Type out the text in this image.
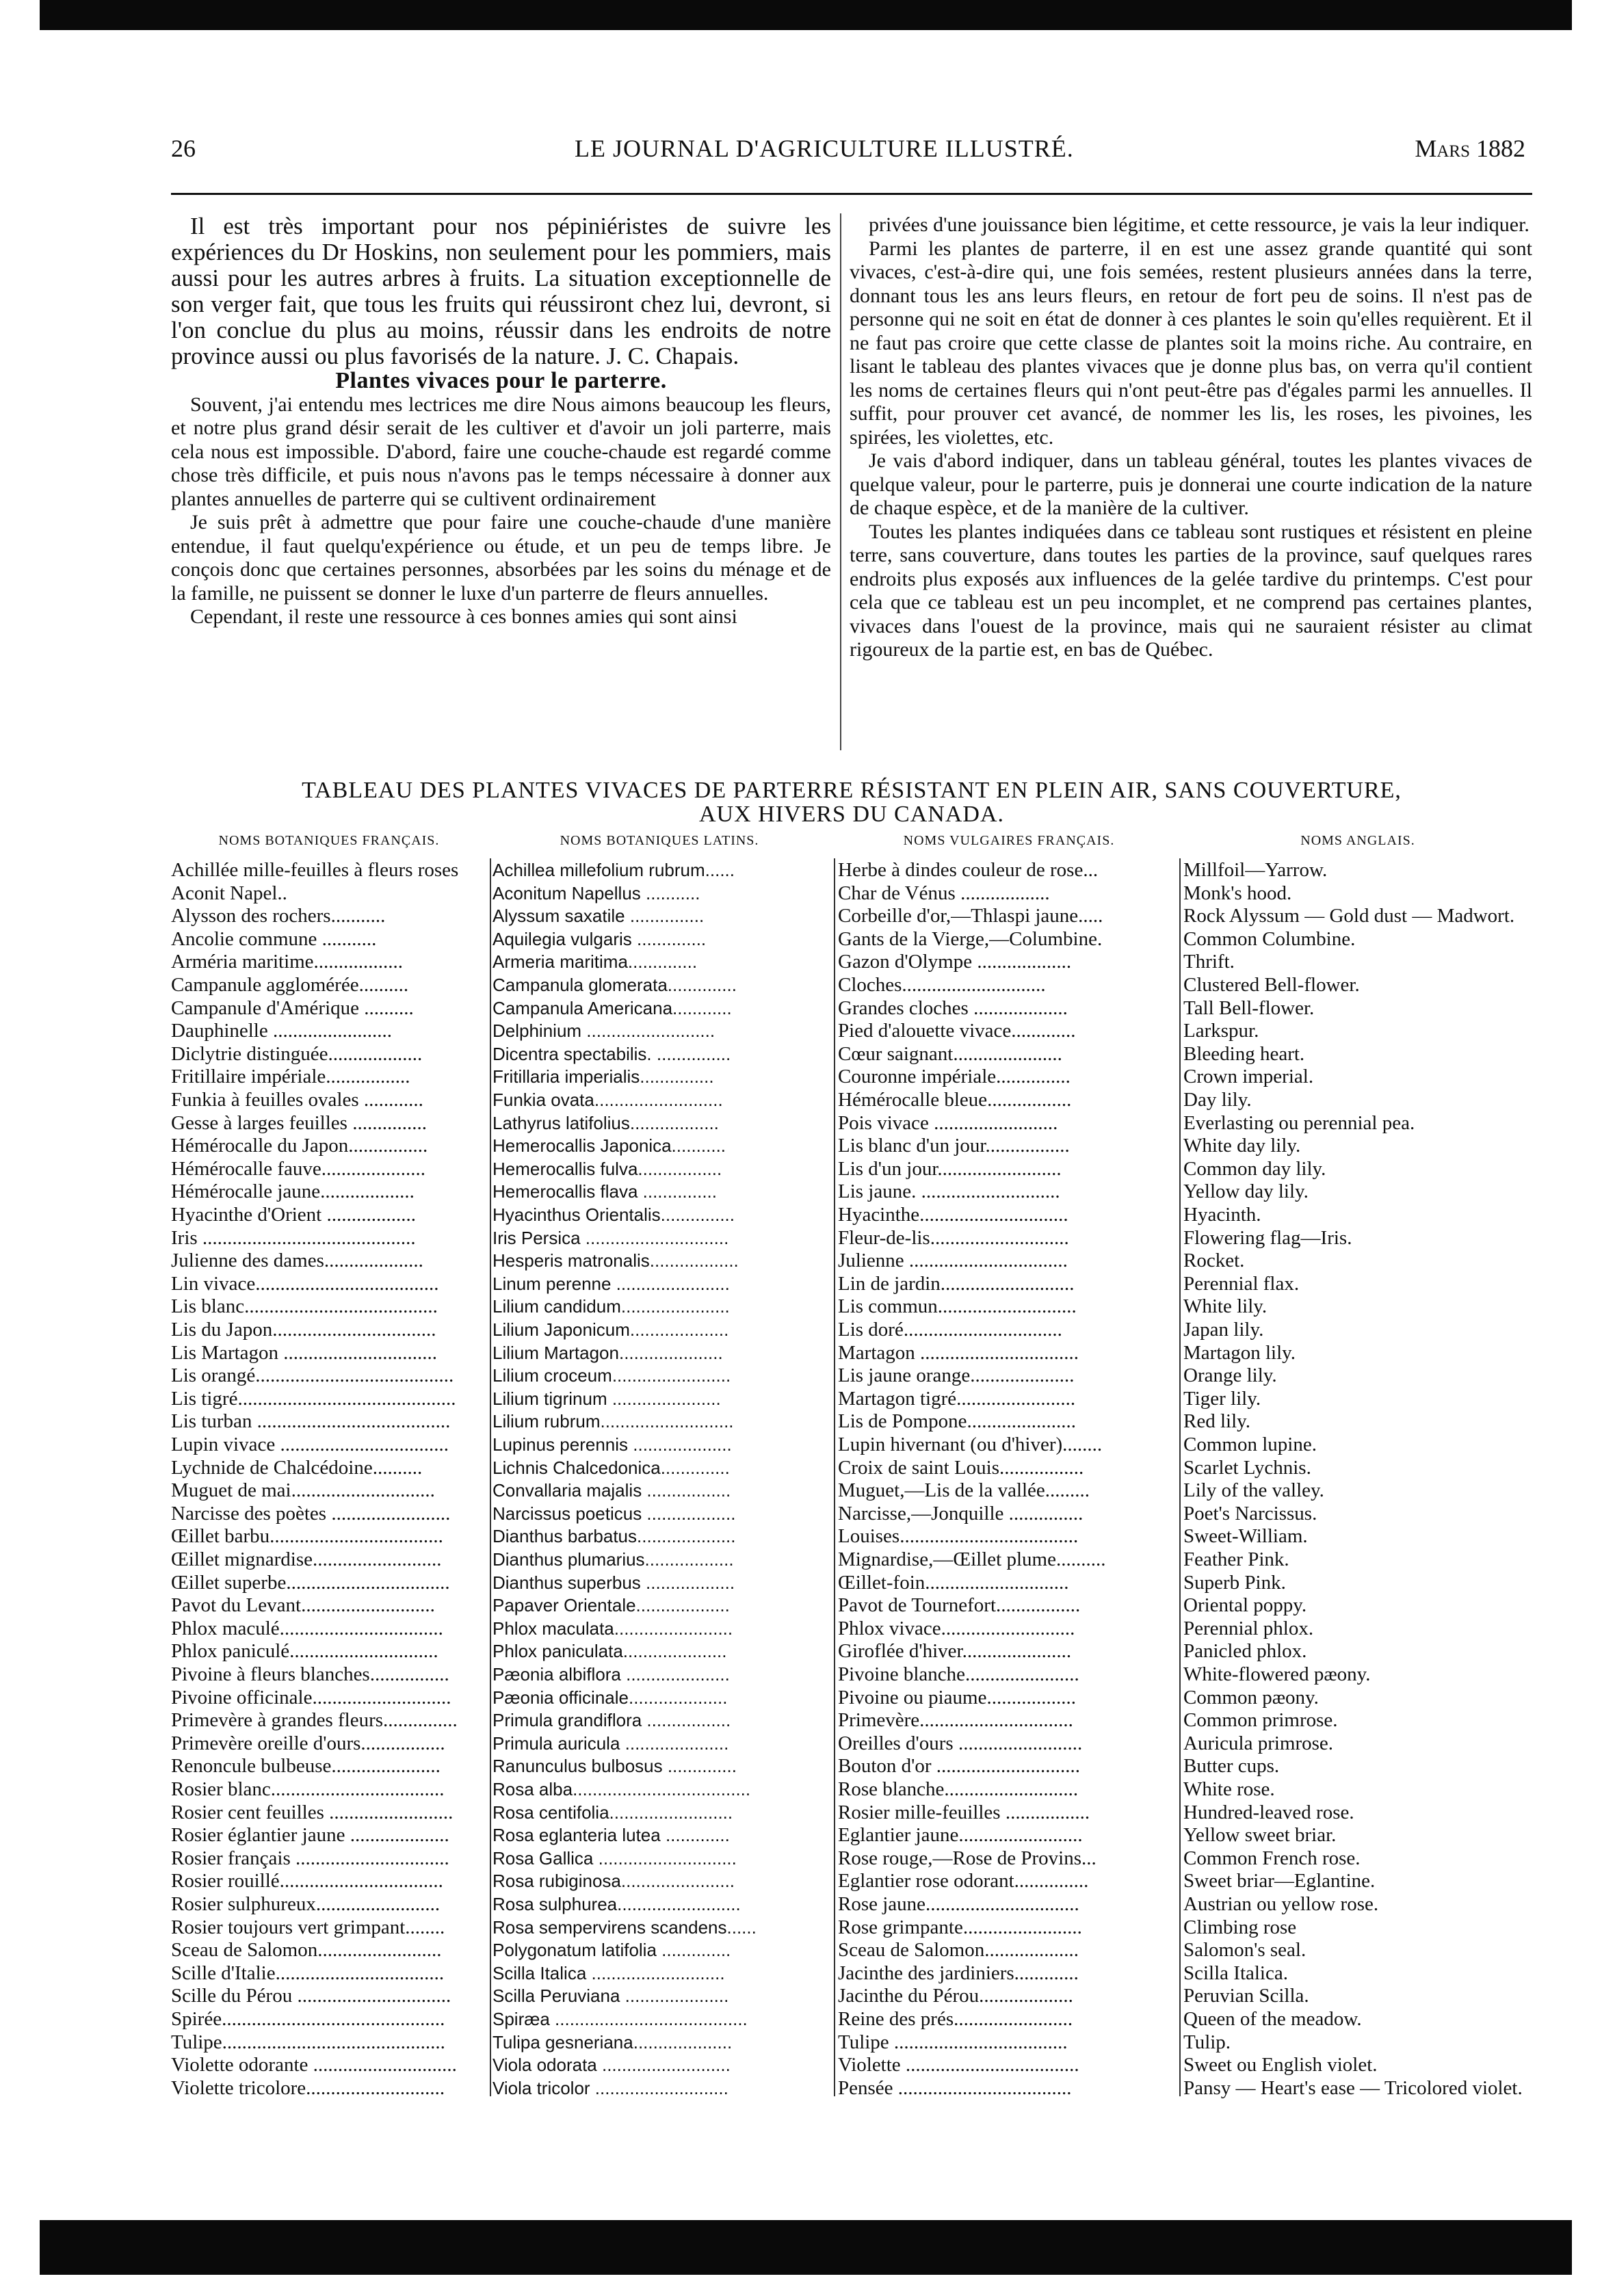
26	LE JOURNAL D'AGRICULTURE ILLUSTRÉ.	Mars 1882

Il est très important pour nos pépiniéristes de suivre les expériences du Dr Hoskins, non seulement pour les pommiers, mais aussi pour les autres arbres à fruits. La situation exceptionnelle de son verger fait, que tous les fruits qui réussiront chez lui, devront, si l'on conclue du plus au moins, réussir dans les endroits de notre province aussi ou plus favorisés de la nature. J. C. Chapais.

Plantes vivaces pour le parterre.

Souvent, j'ai entendu mes lectrices me dire Nous aimons beaucoup les fleurs, et notre plus grand désir serait de les cultiver et d'avoir un joli parterre, mais cela nous est impossible. D'abord, faire une couche-chaude est regardé comme chose très difficile, et puis nous n'avons pas le temps nécessaire à donner aux plantes annuelles de parterre qui se cultivent ordinairement

Je suis prêt à admettre que pour faire une couche-chaude d'une manière entendue, il faut quelqu'expérience ou étude, et un peu de temps libre. Je conçois donc que certaines personnes, absorbées par les soins du ménage et de la famille, ne puissent se donner le luxe d'un parterre de fleurs annuelles.

Cependant, il reste une ressource à ces bonnes amies qui sont ainsi

privées d'une jouissance bien légitime, et cette ressource, je vais la leur indiquer.

Parmi les plantes de parterre, il en est une assez grande quantité qui sont vivaces, c'est-à-dire qui, une fois semées, restent plusieurs années dans la terre, donnant tous les ans leurs fleurs, en retour de fort peu de soins. Il n'est pas de personne qui ne soit en état de donner à ces plantes le soin qu'elles requièrent. Et il ne faut pas croire que cette classe de plantes soit la moins riche. Au contraire, en lisant le tableau des plantes vivaces que je donne plus bas, on verra qu'il contient les noms de certaines fleurs qui n'ont peut-être pas d'égales parmi les annuelles. Il suffit, pour prouver cet avancé, de nommer les lis, les roses, les pivoines, les spirées, les violettes, etc.

Je vais d'abord indiquer, dans un tableau général, toutes les plantes vivaces de quelque valeur, pour le parterre, puis je donnerai une courte indication de la nature de chaque espèce, et de la manière de la cultiver.

Toutes les plantes indiquées dans ce tableau sont rustiques et résistent en pleine terre, sans couverture, dans toutes les parties de la province, sauf quelques rares endroits plus exposés aux influences de la gelée tardive du printemps. C'est pour cela que ce tableau est un peu incomplet, et ne comprend pas certaines plantes, vivaces dans l'ouest de la province, mais qui ne sauraient résister au climat rigoureux de la partie est, en bas de Québec.

TABLEAU DES PLANTES VIVACES DE PARTERRE RÉSISTANT EN PLEIN AIR, SANS COUVERTURE,
AUX HIVERS DU CANADA.
NOMS BOTANIQUES FRANÇAIS.	NOMS BOTANIQUES LATINS.	NOMS VULGAIRES FRANÇAIS.	NOMS ANGLAIS.
Achillée mille-feuilles à fleurs roses	Achillea millefolium rubrum......	Herbe à dindes couleur de rose...	Millfoil—Yarrow.
Aconit Napel..	Aconitum Napellus ...........	Char de Vénus ..................	Monk's hood.
Alysson des rochers...........	Alyssum saxatile ...............	Corbeille d'or,—Thlaspi jaune.....	Rock Alyssum — Gold dust — Madwort.
Ancolie commune ...........	Aquilegia vulgaris ..............	Gants de la Vierge,—Columbine.	Common Columbine.
Arméria maritime..................	Armeria maritima..............	Gazon d'Olympe ...................	Thrift.
Campanule agglomérée..........	Campanula glomerata..............	Cloches.............................	Clustered Bell-flower.
Campanule d'Amérique ..........	Campanula Americana............	Grandes cloches ...................	Tall Bell-flower.
Dauphinelle ........................	Delphinium ..........................	Pied d'alouette vivace.............	Larkspur.
Diclytrie distinguée...................	Dicentra spectabilis. ...............	Cœur saignant......................	Bleeding heart.
Fritillaire impériale.................	Fritillaria imperialis...............	Couronne impériale...............	Crown imperial.
Funkia à feuilles ovales ............	Funkia ovata..........................	Hémérocalle bleue.................	Day lily.
Gesse à larges feuilles ...............	Lathyrus latifolius..................	Pois vivace .........................	Everlasting ou perennial pea.
Hémérocalle du Japon................	Hemerocallis Japonica...........	Lis blanc d'un jour.................	White day lily.
Hémérocalle fauve.....................	Hemerocallis fulva.................	Lis d'un jour.........................	Common day lily.
Hémérocalle jaune...................	Hemerocallis flava ...............	Lis jaune. ............................	Yellow day lily.
Hyacinthe d'Orient ..................	Hyacinthus Orientalis...............	Hyacinthe..............................	Hyacinth.
Iris ...........................................	Iris Persica .............................	Fleur-de-lis............................	Flowering flag—Iris.
Julienne des dames....................	Hesperis matronalis..................	Julienne ................................	Rocket.
Lin vivace.....................................	Linum perenne .......................	Lin de jardin...........................	Perennial flax.
Lis blanc.......................................	Lilium candidum......................	Lis commun............................	White lily.
Lis du Japon.................................	Lilium Japonicum....................	Lis doré................................	Japan lily.
Lis Martagon ...............................	Lilium Martagon.....................	Martagon ................................	Martagon lily.
Lis orangé........................................	Lilium croceum........................	Lis jaune orange.....................	Orange lily.
Lis tigré............................................	Lilium tigrinum ......................	Martagon tigré........................	Tiger lily.
Lis turban .......................................	Lilium rubrum...........................	Lis de Pompone......................	Red lily.
Lupin vivace ..................................	Lupinus perennis ....................	Lupin hivernant (ou d'hiver)........	Common lupine.
Lychnide de Chalcédoine..........	Lichnis Chalcedonica..............	Croix de saint Louis.................	Scarlet Lychnis.
Muguet de mai.............................	Convallaria majalis .................	Muguet,—Lis de la vallée.........	Lily of the valley.
Narcisse des poètes ........................	Narcissus poeticus ..................	Narcisse,—Jonquille ...............	Poet's Narcissus.
Œillet barbu...................................	Dianthus barbatus....................	Louises....................................	Sweet-William.
Œillet mignardise..........................	Dianthus plumarius..................	Mignardise,—Œillet plume..........	Feather Pink.
Œillet superbe.................................	Dianthus superbus ..................	Œillet-foin.............................	Superb Pink.
Pavot du Levant...........................	Papaver Orientale...................	Pavot de Tournefort.................	Oriental poppy.
Phlox maculé.................................	Phlox maculata........................	Phlox vivace...........................	Perennial phlox.
Phlox paniculé..............................	Phlox paniculata.....................	Giroflée d'hiver......................	Panicled phlox.
Pivoine à fleurs blanches................	Pæonia albiflora .....................	Pivoine blanche.......................	White-flowered pæony.
Pivoine officinale............................	Pæonia officinale....................	Pivoine ou piaume..................	Common pæony.
Primevère à grandes fleurs...............	Primula grandiflora .................	Primevère...............................	Common primrose.
Primevère oreille d'ours.................	Primula auricula .....................	Oreilles d'ours .........................	Auricula primrose.
Renoncule bulbeuse......................	Ranunculus bulbosus ..............	Bouton d'or .............................	Butter cups.
Rosier blanc...................................	Rosa alba....................................	Rose blanche...........................	White rose.
Rosier cent feuilles .........................	Rosa centifolia.........................	Rosier mille-feuilles .................	Hundred-leaved rose.
Rosier églantier jaune ....................	Rosa eglanteria lutea .............	Eglantier jaune.........................	Yellow sweet briar.
Rosier français ...............................	Rosa Gallica ............................	Rose rouge,—Rose de Provins...	Common French rose.
Rosier rouillé.................................	Rosa rubiginosa.......................	Eglantier rose odorant...............	Sweet briar—Eglantine.
Rosier sulphureux.........................	Rosa sulphurea.........................	Rose jaune...............................	Austrian ou yellow rose.
Rosier toujours vert grimpant........	Rosa sempervirens scandens......	Rose grimpante........................	Climbing rose
Sceau de Salomon.........................	Polygonatum latifolia ..............	Sceau de Salomon...................	Salomon's seal.
Scille d'Italie..................................	Scilla Italica ...........................	Jacinthe des jardiniers.............	Scilla Italica.
Scille du Pérou ...............................	Scilla Peruviana .....................	Jacinthe du Pérou...................	Peruvian Scilla.
Spirée.............................................	Spiræa .......................................	Reine des prés........................	Queen of the meadow.
Tulipe.............................................	Tulipa gesneriana....................	Tulipe ...................................	Tulip.
Violette odorante .............................	Viola odorata ..........................	Violette ...................................	Sweet ou English violet.
Violette tricolore............................	Viola tricolor ...........................	Pensée ...................................	Pansy — Heart's ease — Tricolored violet.
